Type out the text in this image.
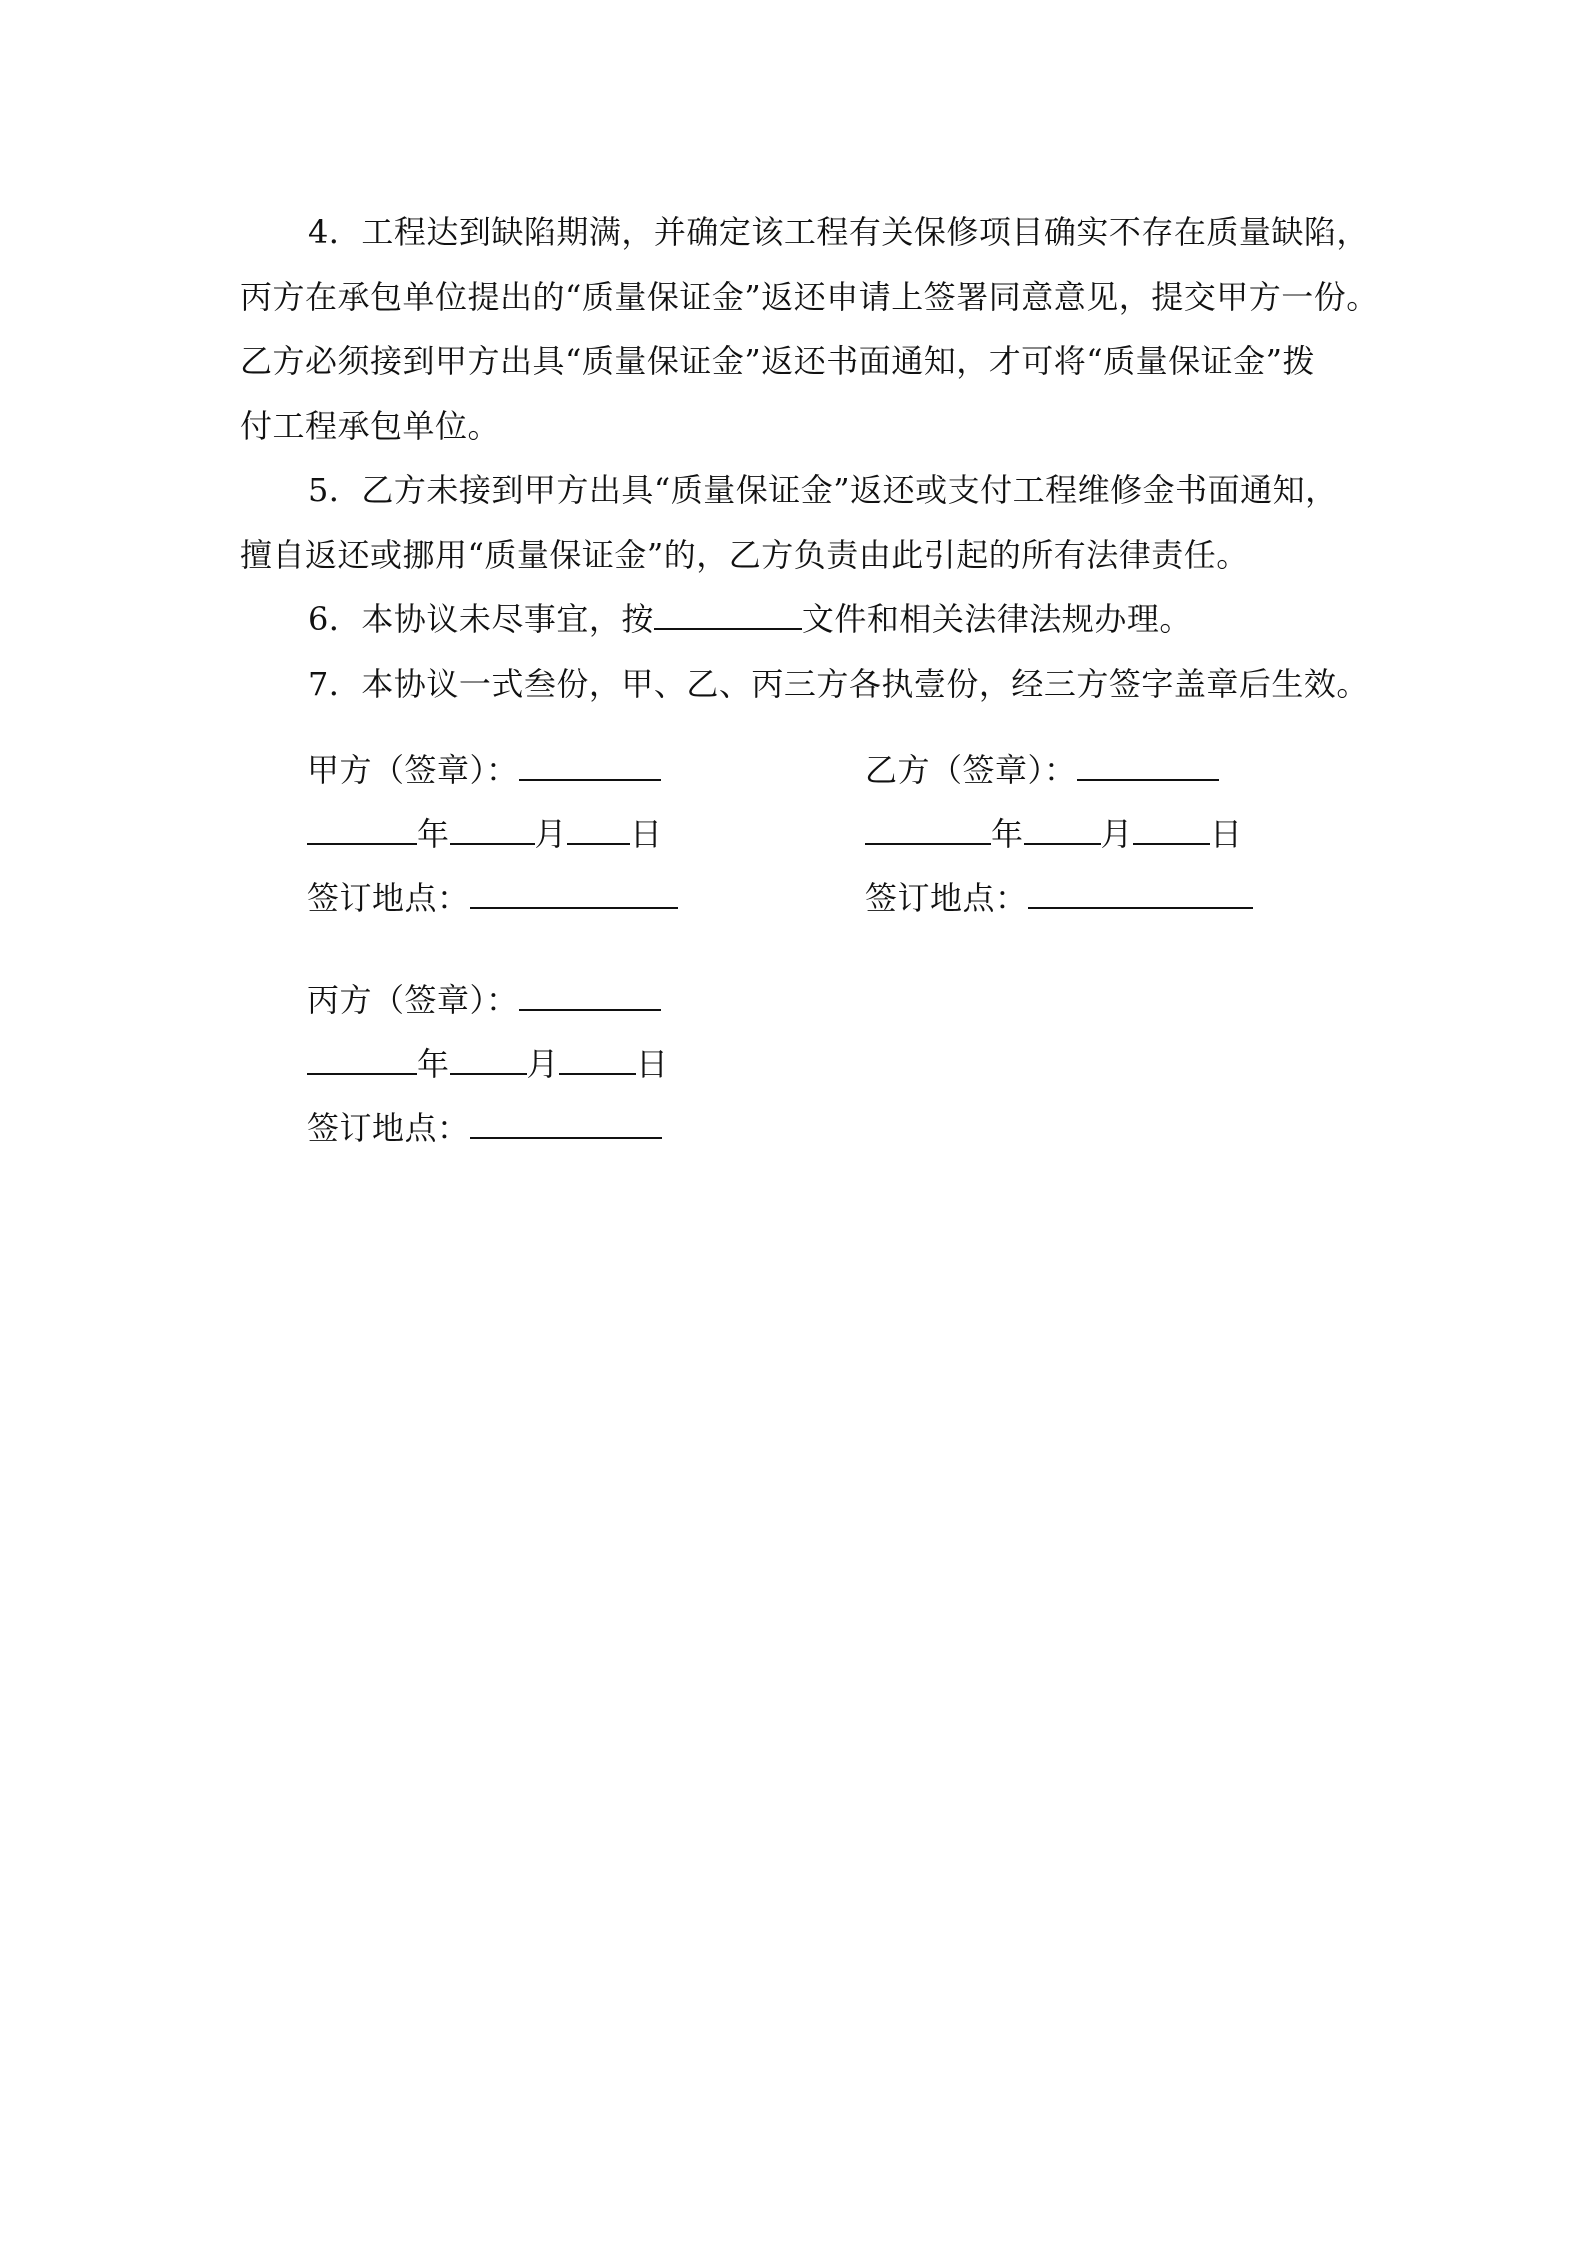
4．工程达到缺陷期满，并确定该工程有关保修项目确实不存在质量缺陷，
丙方在承包单位提出的“质量保证金”返还申请上签署同意意见，提交甲方一份。
乙方必须接到甲方出具“质量保证金”返还书面通知，才可将“质量保证金”拨
付工程承包单位。

5．乙方未接到甲方出具“质量保证金”返还或支付工程维修金书面通知，
擅自返还或挪用“质量保证金”的，乙方负责由此引起的所有法律责任。

6．本协议未尽事宜，按	文件和相关法律法规办理。

7．本协议一式叁份，甲、乙、丙三方各执壹份，经三方签字盖章后生效。

甲方（签章）：
年	月 日
签订地点：
乙方（签章）：
年 月 日
签订地点：
丙方（签章）：
年 月 日
签订地点：
